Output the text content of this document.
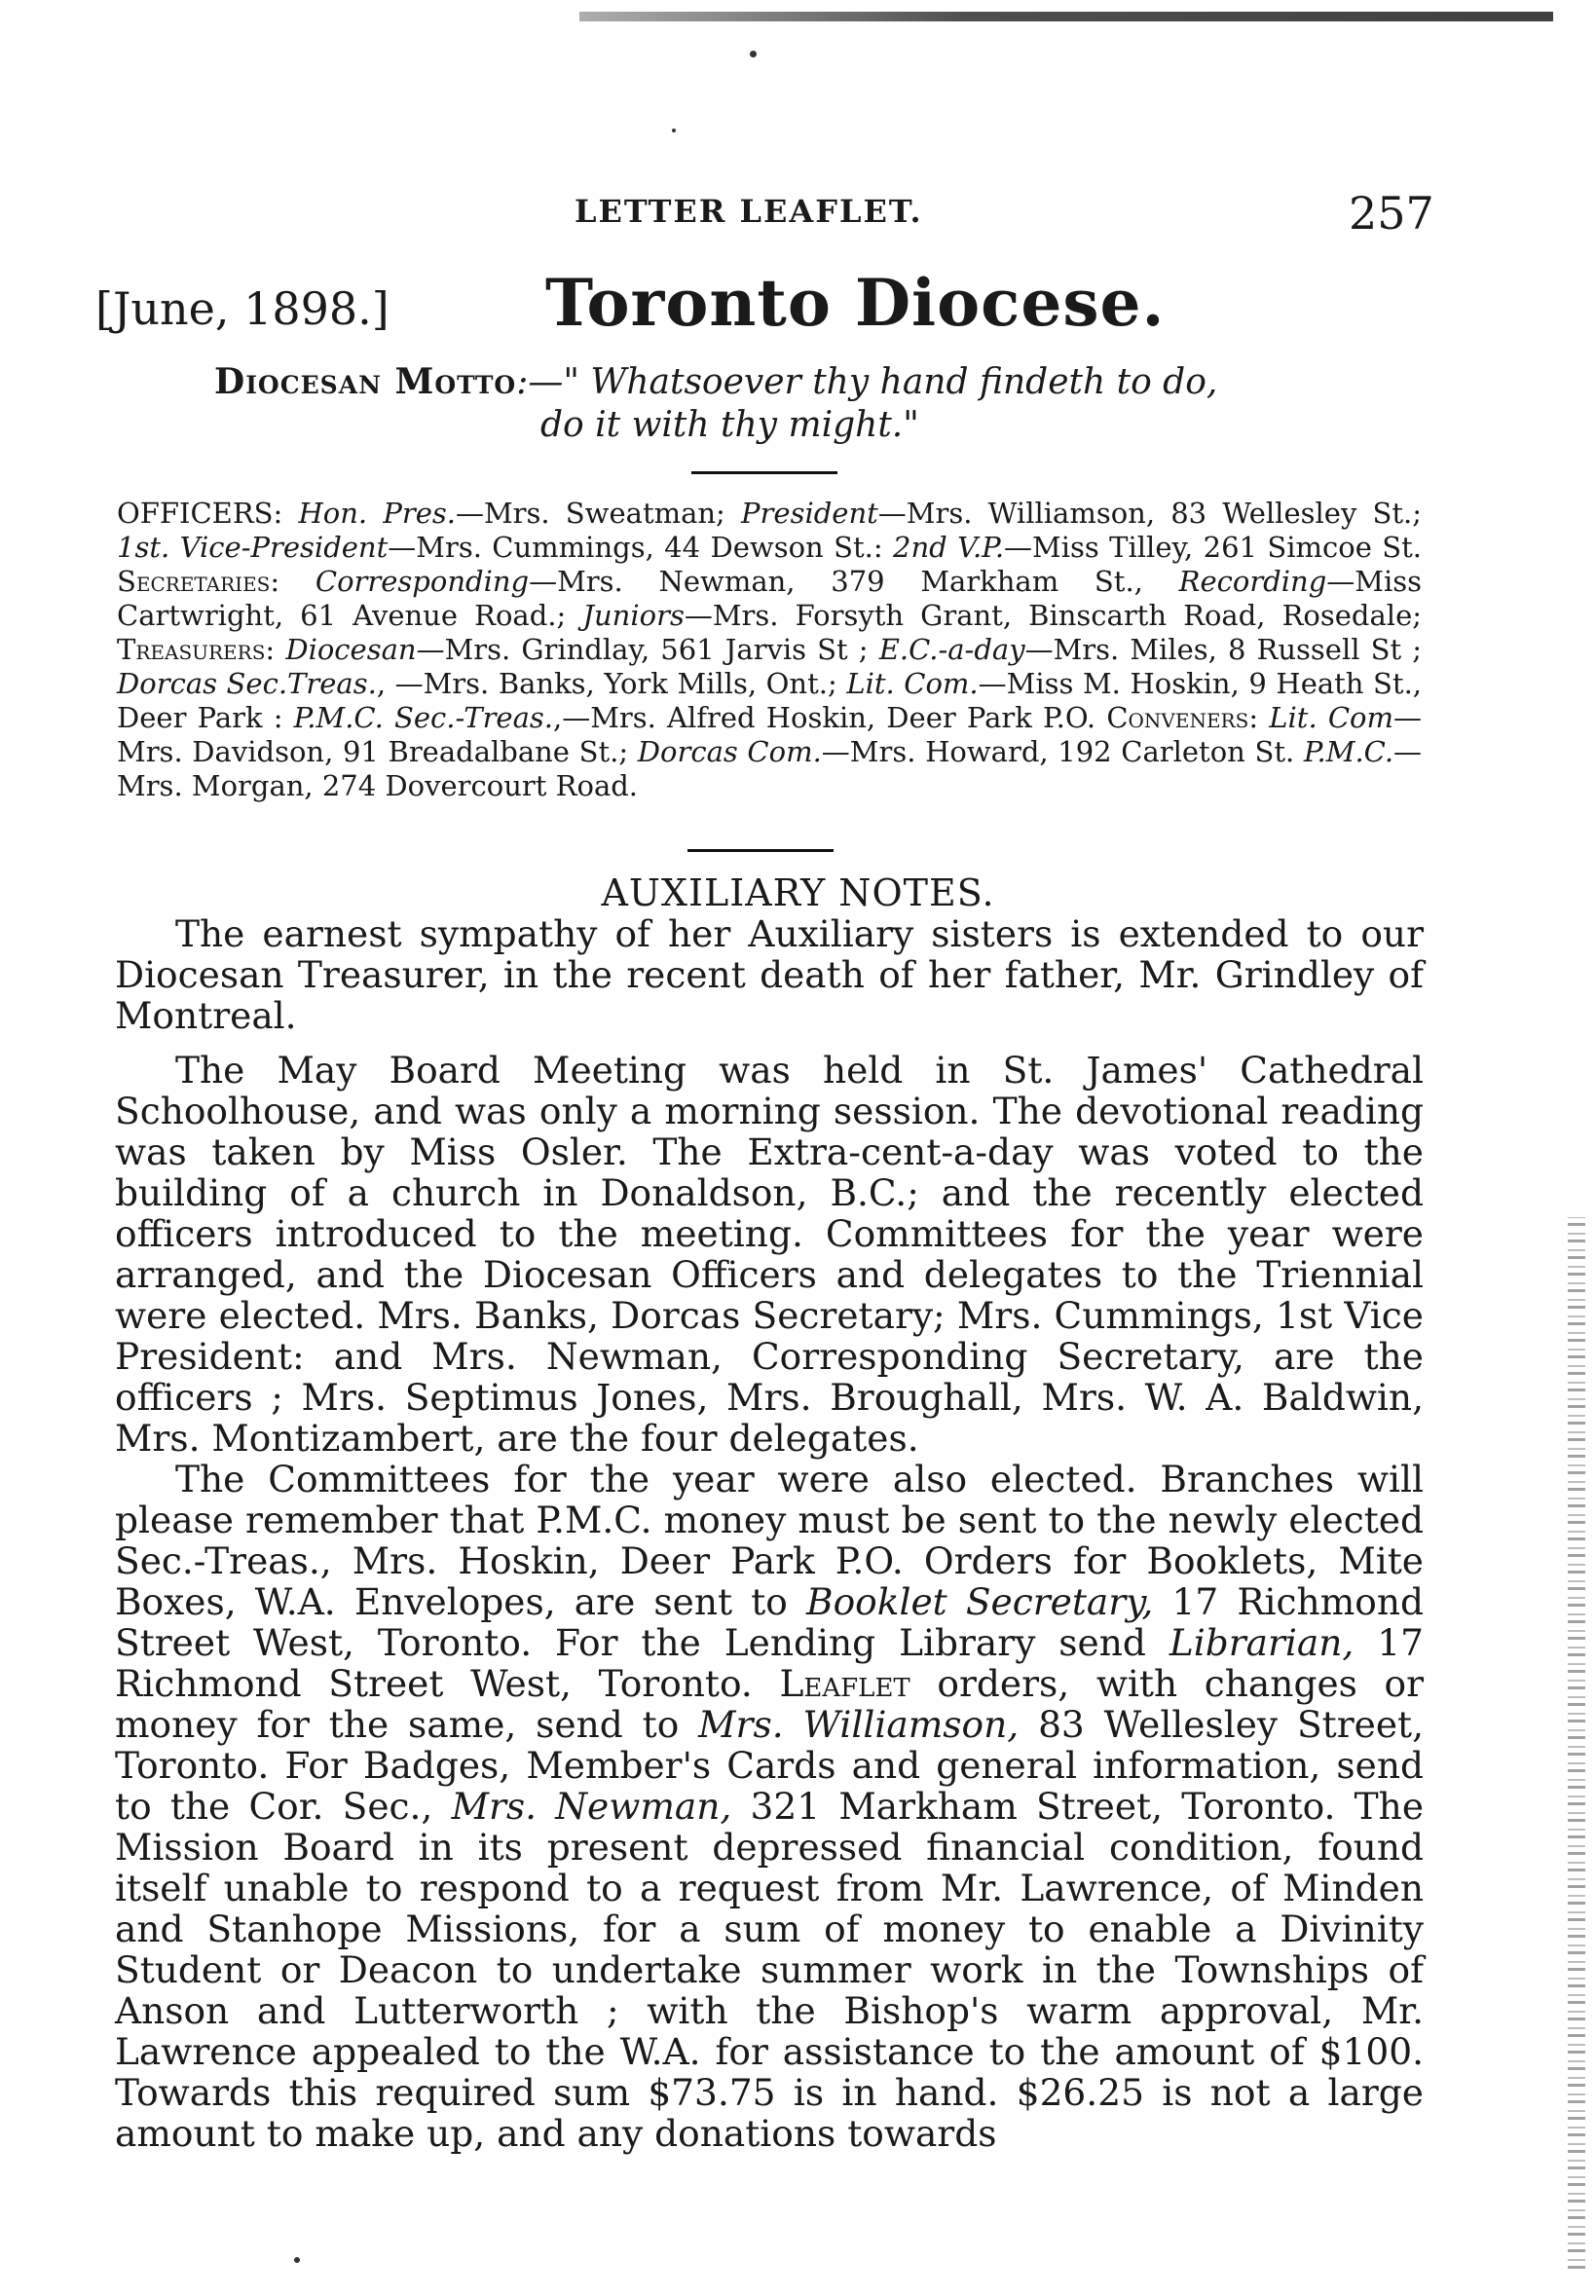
LETTER LEAFLET.	257
[June, 1898.] Toronto Diocese.
Diocesan Motto:—" Whatsoever thy hand findeth to do,
do it with thy might."
OFFICERS: Hon. Pres.—Mrs. Sweatman; President—Mrs. Williamson, 83 Wellesley St.; 1st. Vice-President—Mrs. Cummings, 44 Dewson St.: 2nd V.P.—Miss Tilley, 261 Simcoe St. Secretaries: Corresponding—Mrs. Newman, 379 Markham St., Recording—Miss Cartwright, 61 Avenue Road.; Juniors—Mrs. Forsyth Grant, Binscarth Road, Rosedale; Treasurers: Diocesan—Mrs. Grindlay, 561 Jarvis St ; E.C.-a-day—Mrs. Miles, 8 Russell St ; Dorcas Sec.Treas., —Mrs. Banks, York Mills, Ont.; Lit. Com.—Miss M. Hoskin, 9 Heath St., Deer Park : P.M.C. Sec.-Treas.,—Mrs. Alfred Hoskin, Deer Park P.O. Conveners: Lit. Com—Mrs. Davidson, 91 Breadalbane St.; Dorcas Com.—Mrs. Howard, 192 Carleton St. P.M.C.—Mrs. Morgan, 274 Dovercourt Road.
AUXILIARY NOTES.

The earnest sympathy of her Auxiliary sisters is extended to our Diocesan Treasurer, in the recent death of her father, Mr. Grindley of Montreal.

The May Board Meeting was held in St. James' Cathedral Schoolhouse, and was only a morning session. The devotional reading was taken by Miss Osler. The Extra-cent-a-day was voted to the building of a church in Donaldson, B.C.; and the recently elected officers introduced to the meeting. Committees for the year were arranged, and the Diocesan Officers and delegates to the Triennial were elected. Mrs. Banks, Dorcas Secretary; Mrs. Cummings, 1st Vice President: and Mrs. Newman, Corresponding Secretary, are the officers ; Mrs. Septimus Jones, Mrs. Broughall, Mrs. W. A. Baldwin, Mrs. Montizambert, are the four delegates.

The Committees for the year were also elected. Branches will please remember that P.M.C. money must be sent to the newly elected Sec.-Treas., Mrs. Hoskin, Deer Park P.O. Orders for Booklets, Mite Boxes, W.A. Envelopes, are sent to Booklet Secretary, 17 Richmond Street West, Toronto. For the Lending Library send Librarian, 17 Richmond Street West, Toronto. Leaflet orders, with changes or money for the same, send to Mrs. Williamson, 83 Wellesley Street, Toronto. For Badges, Member's Cards and general information, send to the Cor. Sec., Mrs. Newman, 321 Markham Street, Toronto. The Mission Board in its present depressed financial condition, found itself unable to respond to a request from Mr. Lawrence, of Minden and Stanhope Missions, for a sum of money to enable a Divinity Student or Deacon to undertake summer work in the Townships of Anson and Lutterworth ; with the Bishop's warm approval, Mr. Lawrence appealed to the W.A. for assistance to the amount of $100. Towards this required sum $73.75 is in hand. $26.25 is not a large amount to make up, and any donations towards
